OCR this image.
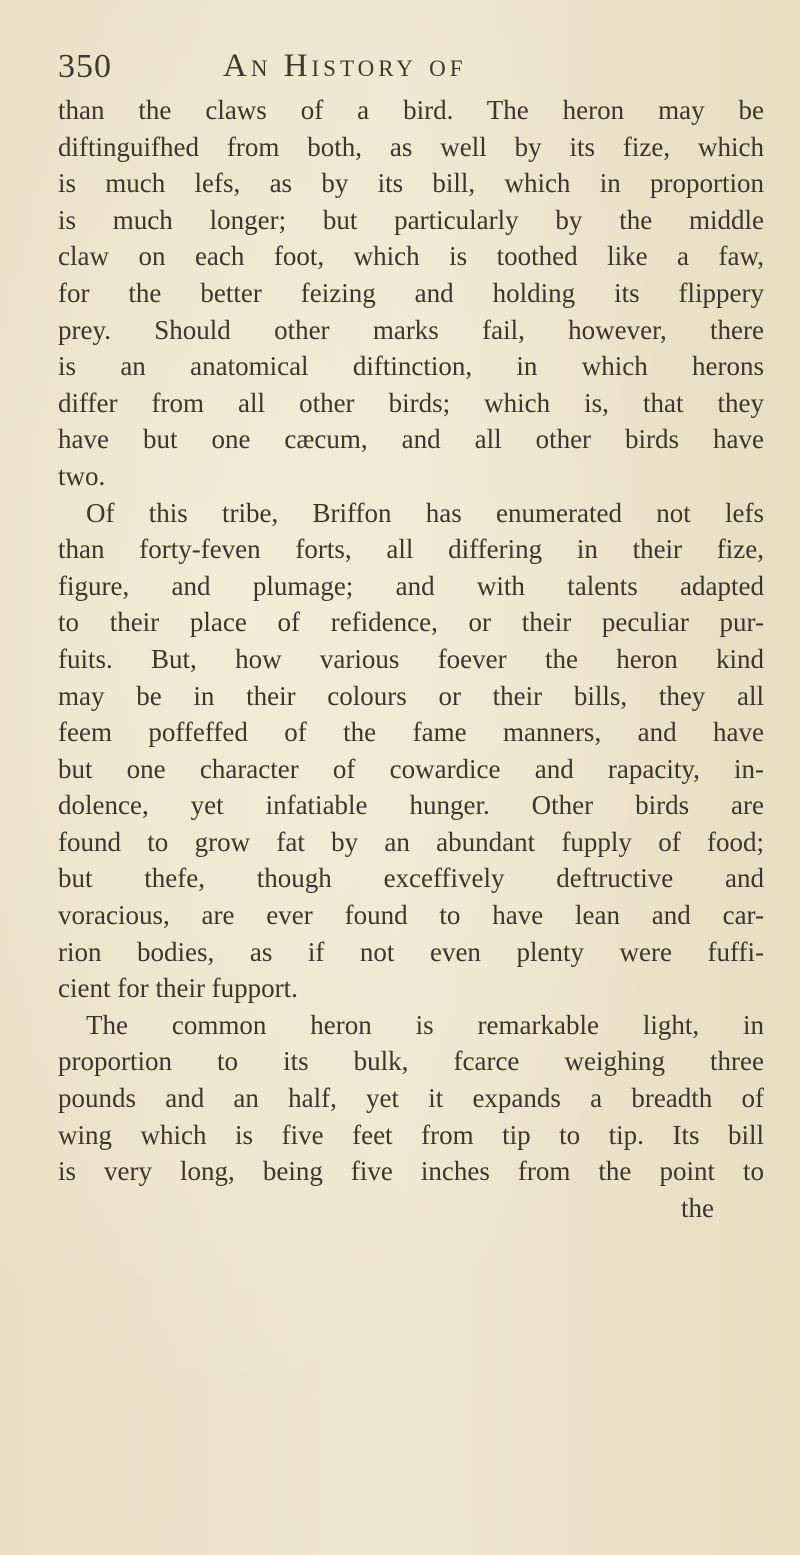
350	An History of
than the claws of a bird. The heron may be
diftinguifhed from both, as well by its fize, which
is much lefs, as by its bill, which in proportion
is much longer; but particularly by the middle
claw on each foot, which is toothed like a faw,
for the better feizing and holding its flippery
prey. Should other marks fail, however, there
is an anatomical diftinction, in which herons
differ from all other birds; which is, that they
have but one cæcum, and all other birds have
two.
Of this tribe, Briffon has enumerated not lefs
than forty-feven forts, all differing in their fize,
figure, and plumage; and with talents adapted
to their place of refidence, or their peculiar pur-
fuits. But, how various foever the heron kind
may be in their colours or their bills, they all
feem poffeffed of the fame manners, and have
but one character of cowardice and rapacity, in-
dolence, yet infatiable hunger. Other birds are
found to grow fat by an abundant fupply of food;
but thefe, though exceffively deftructive and
voracious, are ever found to have lean and car-
rion bodies, as if not even plenty were fuffi-
cient for their fupport.
The common heron is remarkable light, in
proportion to its bulk, fcarce weighing three
pounds and an half, yet it expands a breadth of
wing which is five feet from tip to tip. Its bill
is very long, being five inches from the point to
the
